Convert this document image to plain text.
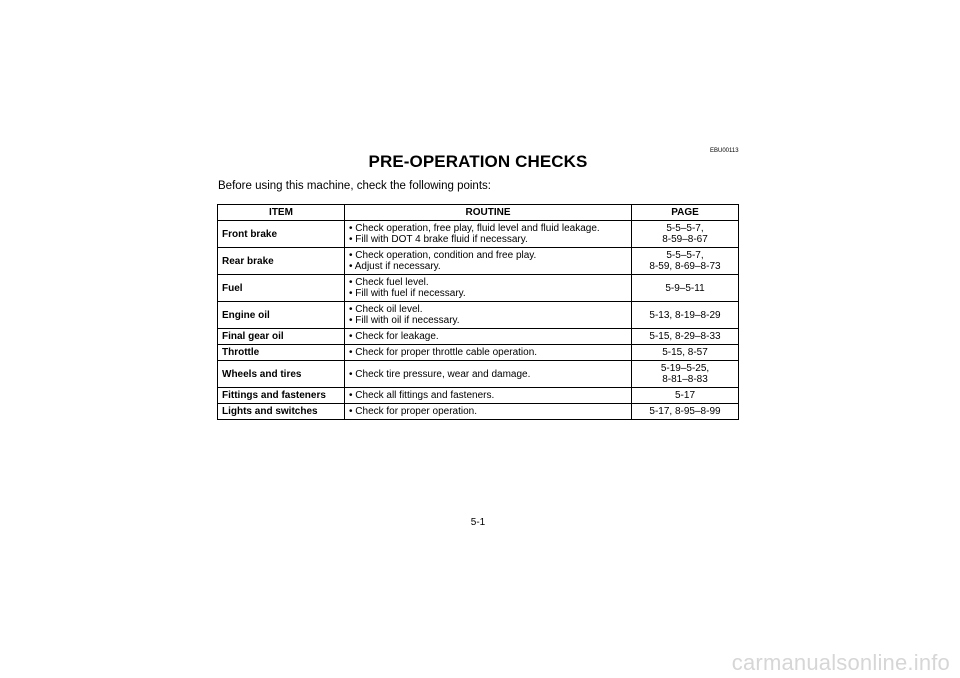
EBU00113
PRE-OPERATION CHECKS
Before using this machine, check the following points:
ITEM	ROUTINE	PAGE
Front brake	• Check operation, free play, fluid level and fluid leakage.
• Fill with DOT 4 brake fluid if necessary.	5-5–5-7,
8-59–8-67

Rear brake	• Check operation, condition and free play.
• Adjust if necessary.	5-5–5-7,
8-59, 8-69–8-73

Fuel	• Check fuel level.
• Fill with fuel if necessary.	5-9–5-11

Engine oil	• Check oil level.
• Fill with oil if necessary.	5-13, 8-19–8-29

Final gear oil	• Check for leakage.	5-15, 8-29–8-33

Throttle	• Check for proper throttle cable operation.	5-15, 8-57

Wheels and tires	• Check tire pressure, wear and damage.	5-19–5-25,
8-81–8-83

Fittings and fasteners	• Check all fittings and fasteners.	5-17

Lights and switches	• Check for proper operation.	5-17, 8-95–8-99
5-1
carmanualsonline.info
